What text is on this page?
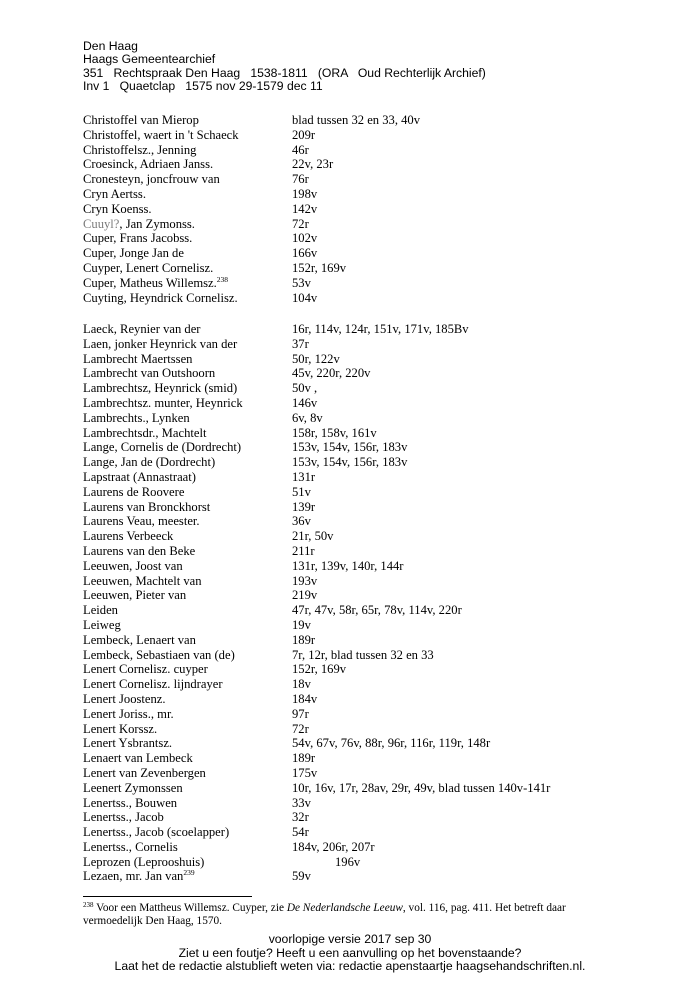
Den Haag
Haags Gemeentearchief
351   Rechtspraak Den Haag   1538-1811   (ORA   Oud Rechterlijk Archief)
Inv 1   Quaetclap   1575 nov 29-1579 dec 11
Christoffel van Mierop	blad tussen 32 en 33, 40v
Christoffel, waert in 't Schaeck	209r
Christoffelsz., Jenning	46r
Croesinck, Adriaen Janss.	22v, 23r
Cronesteyn, joncfrouw van	76r
Cryn Aertss.	198v
Cryn Koenss.	142v
Cuuyl?, Jan Zymonss.	72r
Cuper, Frans Jacobss.	102v
Cuper, Jonge Jan de	166v
Cuyper, Lenert Cornelisz.	152r, 169v
Cuper, Matheus Willemsz.$^{238}$	53v
Cuyting, Heyndrick Cornelisz.	104v
Laeck, Reynier van der	16r, 114v, 124r, 151v, 171v, 185Bv
Laen, jonker Heynrick van der	37r
Lambrecht Maertssen	50r, 122v
Lambrecht van Outshoorn	45v, 220r, 220v
Lambrechtsz, Heynrick (smid)	50v ,
Lambrechtsz. munter, Heynrick	146v
Lambrechts., Lynken	6v, 8v
Lambrechtsdr., Machtelt	158r, 158v, 161v
Lange, Cornelis de (Dordrecht)	153v, 154v, 156r, 183v
Lange, Jan de (Dordrecht)	153v, 154v, 156r, 183v
Lapstraat (Annastraat)	131r
Laurens de Roovere	51v
Laurens van Bronckhorst	139r
Laurens Veau, meester.	36v
Laurens Verbeeck	21r, 50v
Laurens van den Beke	211r
Leeuwen, Joost van	131r, 139v, 140r, 144r
Leeuwen, Machtelt van	193v
Leeuwen, Pieter van	219v
Leiden	47r, 47v, 58r, 65r, 78v, 114v, 220r
Leiweg	19v
Lembeck, Lenaert van	189r
Lembeck, Sebastiaen van (de)	7r, 12r, blad tussen 32 en 33
Lenert Cornelisz. cuyper	152r, 169v
Lenert Cornelisz. lijndrayer	18v
Lenert Joostenz.	184v
Lenert Joriss., mr.	97r
Lenert Korssz.	72r
Lenert Ysbrantsz.	54v, 67v, 76v, 88r, 96r, 116r, 119r, 148r
Lenaert van Lembeck	189r
Lenert van Zevenbergen	175v
Leenert Zymonssen	10r, 16v, 17r, 28av, 29r, 49v, blad tussen 140v-141r
Lenertss., Bouwen	33v
Lenertss., Jacob	32r
Lenertss., Jacob (scoelapper)	54r
Lenertss., Cornelis	184v, 206r, 207r
Leprozen (Leprooshuis)	196v
Lezaen, mr. Jan van$^{239}$	59v
$^{238}$ Voor een Mattheus Willemsz. Cuyper, zie De Nederlandsche Leeuw, vol. 116, pag. 411. Het betreft daar vermoedelijk Den Haag, 1570.
voorlopige versie 2017 sep 30
Ziet u een foutje? Heeft u een aanvulling op het bovenstaande?
Laat het de redactie alstublieft weten via: redactie apenstaartje haagsehandschriften.nl.
